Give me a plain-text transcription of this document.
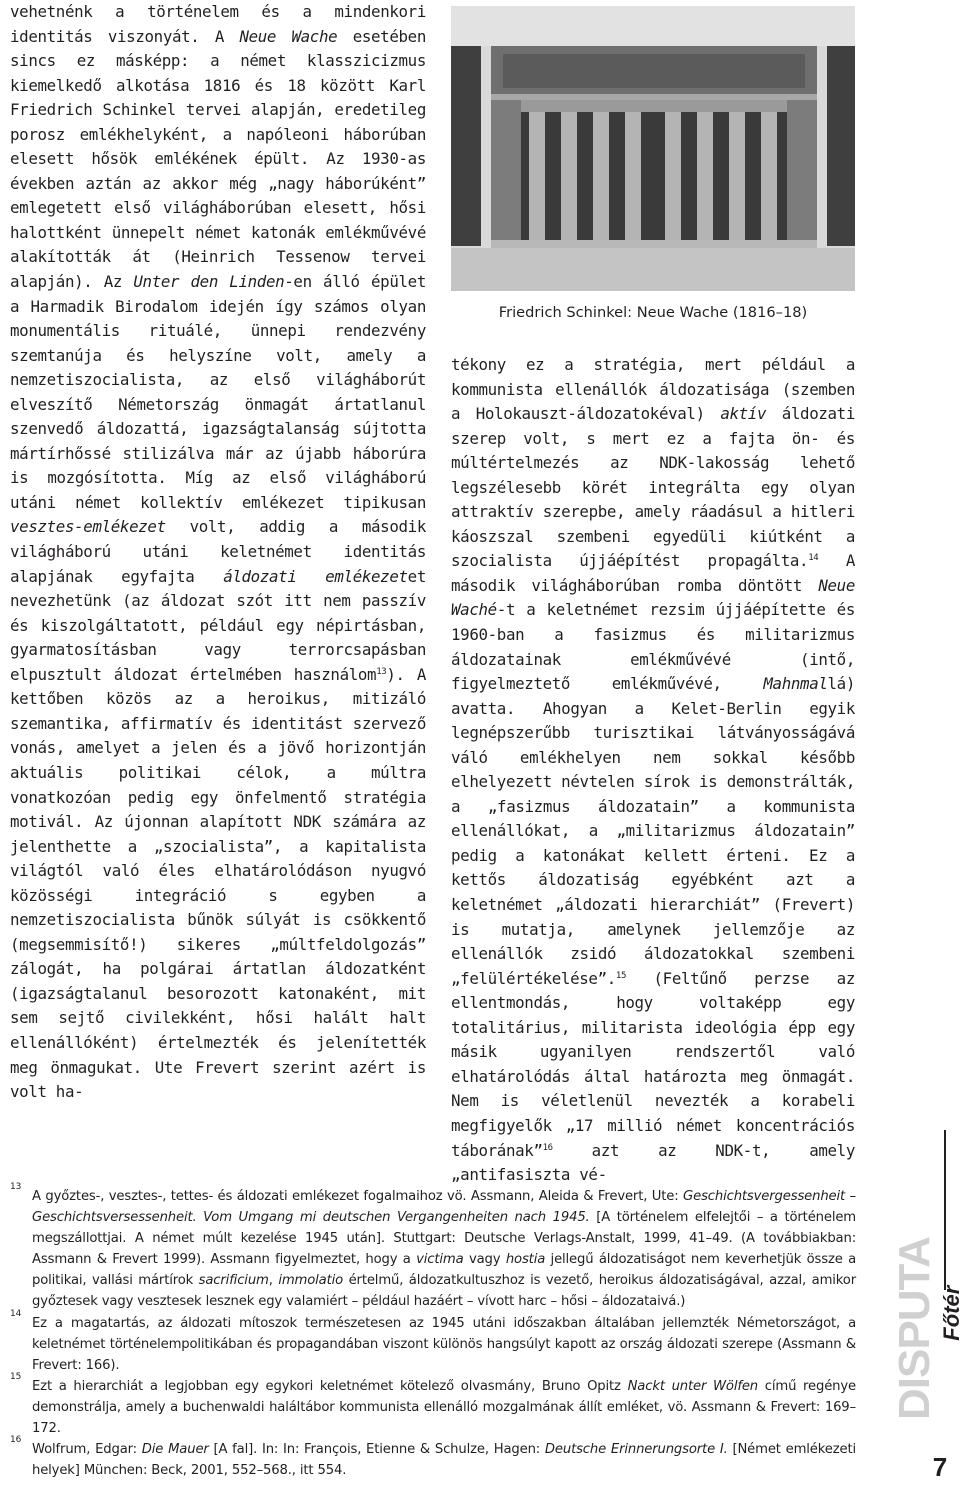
vehetnénk a történelem és a mindenkori identitás viszonyát. A Neue Wache esetében sincs ez másképp: a német klasszicizmus kiemelkedő alkotása 1816 és 18 között Karl Friedrich Schinkel tervei alapján, eredetileg porosz emlékhelyként, a napóleoni háborúban elesett hősök emlékének épült. Az 1930-as években aztán az akkor még „nagy háborúként” emlegetett első világháborúban elesett, hősi halottként ünnepelt német katonák emlékművévé alakították át (Heinrich Tessenow tervei alapján). Az Unter den Linden-en álló épület a Harmadik Birodalom idején így számos olyan monumentális rituálé, ünnepi rendezvény szemtanúja és helyszíne volt, amely a nemzetiszocialista, az első világháborút elveszítő Németország önmagát ártatlanul szenvedő áldozattá, igazságtalanság sújtotta mártírhőssé stilizálva már az újabb háborúra is mozgósította. Míg az első világháború utáni német kollektív emlékezet tipikusan vesztes-emlékezet volt, addig a második világháború utáni keletnémet identitás alapjának egyfajta áldozati emlékezetet nevezhetünk (az áldozat szót itt nem passzív és kiszolgáltatott, például egy népirtásban, gyarmatosításban vagy terrorcsapásban elpusztult áldozat értelmében használom$^{13}$). A kettőben közös az a heroikus, mitizáló szemantika, affirmatív és identitást szervező vonás, amelyet a jelen és a jövő horizontján aktuális politikai célok, a múltra vonatkozóan pedig egy önfelmentő stratégia motivál. Az újonnan alapított NDK számára az jelenthette a „szocialista”, a kapitalista világtól való éles elhatárolódáson nyugvó közösségi integráció s egyben a nemzetiszocialista bűnök súlyát is csökkentő (megsemmisítő!) sikeres „múltfeldolgozás” zálogát, ha polgárai ártatlan áldozatként (igazságtalanul besorozott katonaként, mit sem sejtő civilekként, hősi halált halt ellenállóként) értelmezték és jelenítették meg önmagukat. Ute Frevert szerint azért is volt ha-

Friedrich Schinkel: Neue Wache (1816–18)

tékony ez a stratégia, mert például a kommunista ellenállók áldozatisága (szemben a Holokauszt-áldozatokéval) aktív áldozati szerep volt, s mert ez a fajta ön- és múltértelmezés az NDK-lakosság lehető legszélesebb körét integrálta egy olyan attraktív szerepbe, amely ráadásul a hitleri káoszszal szembeni egyedüli kiútként a szocialista újjáépítést propagálta.$^{14}$ A második világháborúban romba döntött Neue Waché-t a keletnémet rezsim újjáépítette és 1960-ban a fasizmus és militarizmus áldozatainak emlékművévé (intő, figyelmeztető emlékművévé, Mahnmallá) avatta. Ahogyan a Kelet-Berlin egyik legnépszerűbb turisztikai látványosságává váló emlékhelyen nem sokkal később elhelyezett névtelen sírok is demonstrálták, a „fasizmus áldozatain” a kommunista ellenállókat, a „militarizmus áldozatain” pedig a katonákat kellett érteni. Ez a kettős áldozatiság egyébként azt a keletnémet „áldozati hierarchiát” (Frevert) is mutatja, amelynek jellemzője az ellenállók zsidó áldozatokkal szembeni „felülértékelése”.$^{15}$ (Feltűnő perzse az ellentmondás, hogy voltaképp egy totalitárius, militarista ideológia épp egy másik ugyanilyen rendszertől való elhatárolódás által határozta meg önmagát. Nem is véletlenül nevezték a korabeli megfigyelők „17 millió német koncentrációs táborának”$^{16}$ azt az NDK-t, amely „antifasiszta vé-

13
A győztes-, vesztes-, tettes- és áldozati emlékezet fogalmaihoz vö. Assmann, Aleida & Frevert, Ute: Geschichtsvergessenheit – Geschichtsversessenheit. Vom Umgang mi deutschen Vergangenheiten nach 1945. [A történelem elfelejtői – a történelem megszállottjai. A német múlt kezelése 1945 után]. Stuttgart: Deutsche Verlags-Anstalt, 1999, 41–49. (A továbbiakban: Assmann & Frevert 1999). Assmann figyelmeztet, hogy a victima vagy hostia jellegű áldozatiságot nem keverhetjük össze a politikai, vallási mártírok sacrificium, immolatio értelmű, áldozatkultuszhoz is vezető, heroikus áldozatiságával, azzal, amikor győztesek vagy vesztesek lesznek egy valamiért – például hazáért – vívott harc – hősi – áldozataivá.)
14
Ez a magatartás, az áldozati mítoszok természetesen az 1945 utáni időszakban általában jellemzték Németországot, a keletnémet történelempolitikában és propagandában viszont különös hangsúlyt kapott az ország áldozati szerepe (Assmann & Frevert: 166).
15
Ezt a hierarchiát a legjobban egy egykori keletnémet kötelező olvasmány, Bruno Opitz Nackt unter Wölfen című regénye demonstrálja, amely a buchenwaldi haláltábor kommunista ellenálló mozgalmának állít emléket, vö. Assmann & Frevert: 169–172.
16
Wolfrum, Edgar: Die Mauer [A fal]. In: In: François, Etienne & Schulze, Hagen: Deutsche Erinnerungsorte I. [Német emlékezeti helyek] München: Beck, 2001, 552–568., itt 554.
DISPUTA Főtér
7
